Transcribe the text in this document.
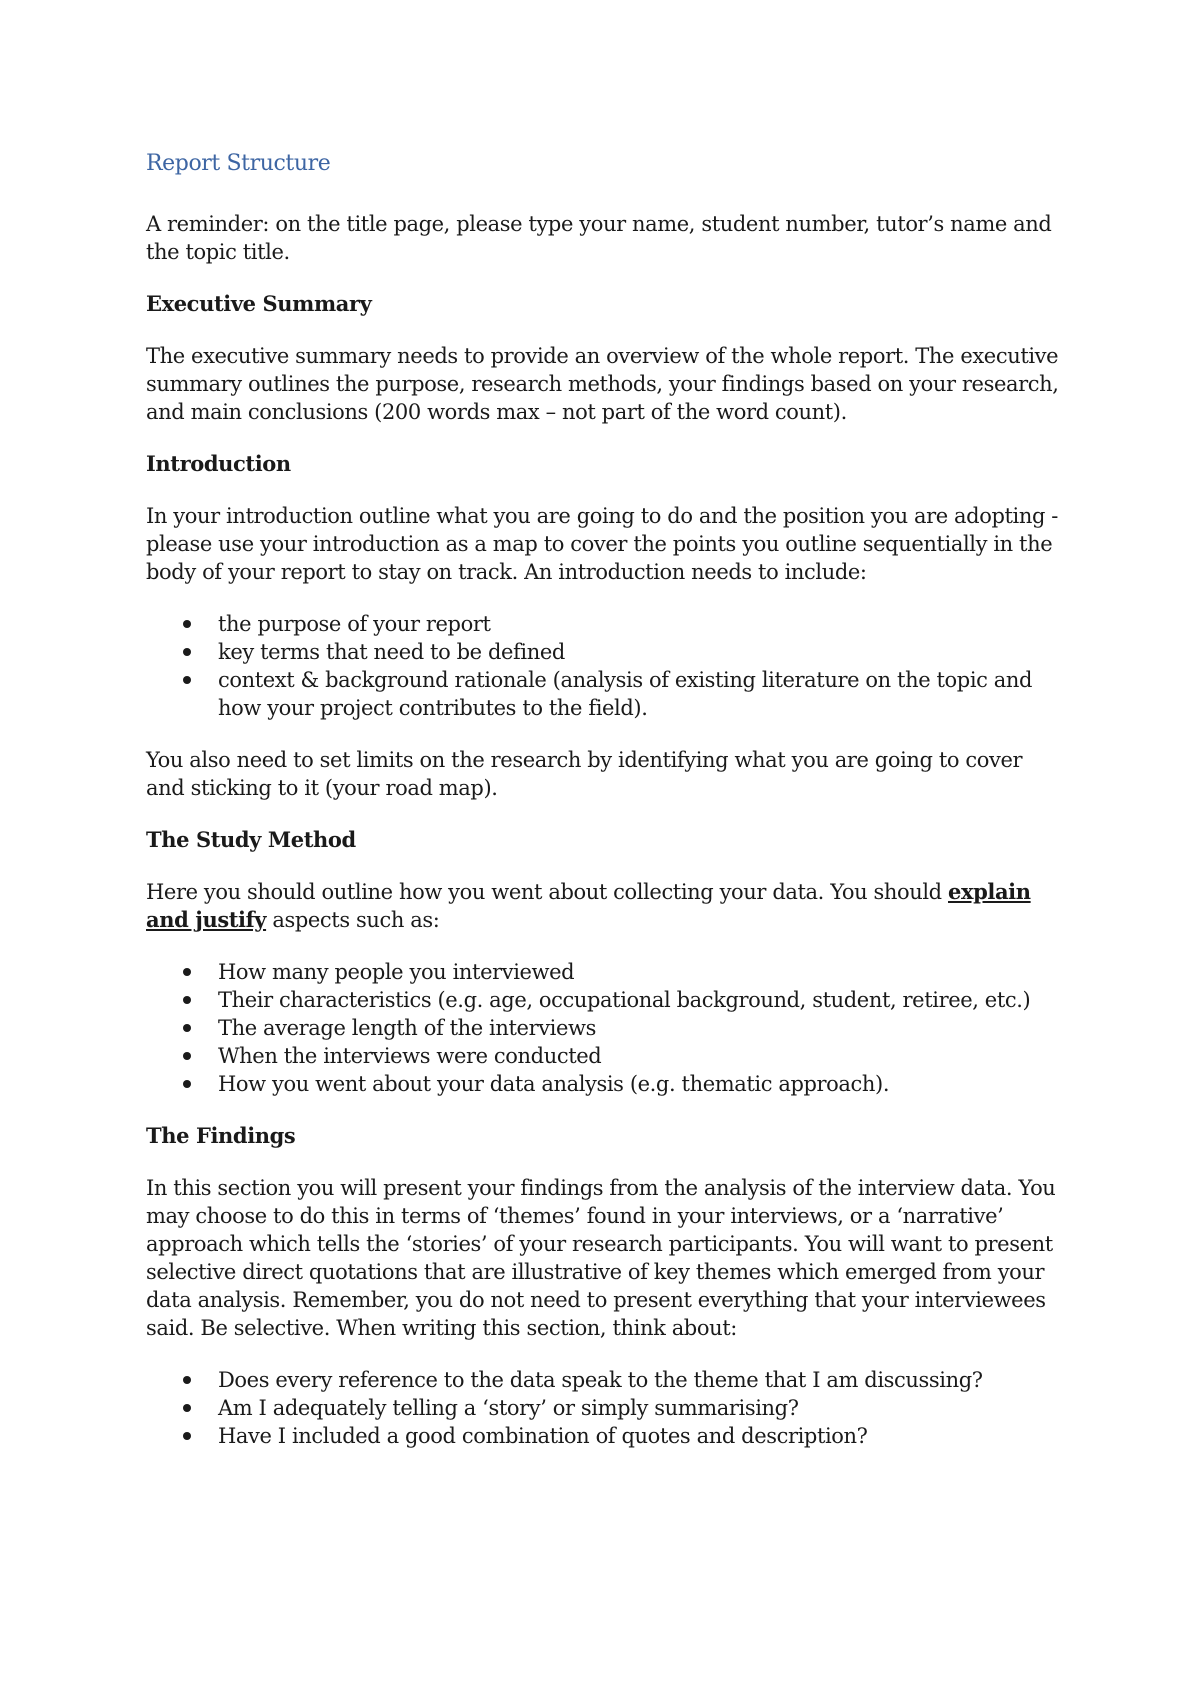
Report Structure

A reminder: on the title page, please type your name, student number, tutor’s name and the topic title.

Executive Summary

The executive summary needs to provide an overview of the whole report. The executive summary outlines the purpose, research methods, your findings based on your research, and main conclusions (200 words max – not part of the word count).

Introduction

In your introduction outline what you are going to do and the position you are adopting - please use your introduction as a map to cover the points you outline sequentially in the body of your report to stay on track. An introduction needs to include:

the purpose of your report
key terms that need to be defined
context & background rationale (analysis of existing literature on the topic and how your project contributes to the field).

You also need to set limits on the research by identifying what you are going to cover and sticking to it (your road map).

The Study Method

Here you should outline how you went about collecting your data. You should explain and justify aspects such as:

How many people you interviewed
Their characteristics (e.g. age, occupational background, student, retiree, etc.)
The average length of the interviews
When the interviews were conducted
How you went about your data analysis (e.g. thematic approach).

The Findings

In this section you will present your findings from the analysis of the interview data. You may choose to do this in terms of ‘themes’ found in your interviews, or a ‘narrative’ approach which tells the ‘stories’ of your research participants. You will want to present selective direct quotations that are illustrative of key themes which emerged from your data analysis. Remember, you do not need to present everything that your interviewees said. Be selective. When writing this section, think about:

Does every reference to the data speak to the theme that I am discussing?
Am I adequately telling a ‘story’ or simply summarising?
Have I included a good combination of quotes and description?
